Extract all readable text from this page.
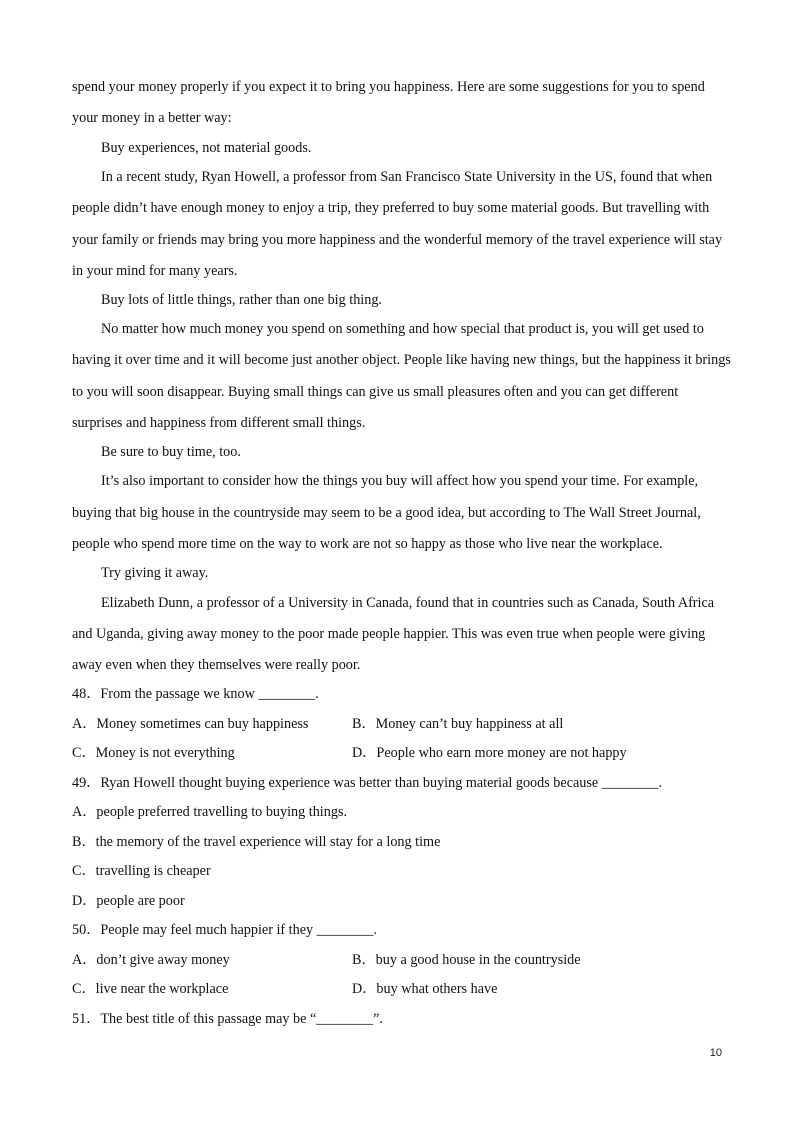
spend your money properly if you expect it to bring you happiness. Here are some suggestions for you to spend
your money in a better way:
Buy experiences, not material goods.
In a recent study, Ryan Howell, a professor from San Francisco State University in the US, found that when
people didn’t have enough money to enjoy a trip, they preferred to buy some material goods. But travelling with
your family or friends may bring you more happiness and the wonderful memory of the travel experience will stay
in your mind for many years.
Buy lots of little things, rather than one big thing.
No matter how much money you spend on something and how special that product is, you will get used to
having it over time and it will become just another object. People like having new things, but the happiness it brings
to you will soon disappear. Buying small things can give us small pleasures often and you can get different
surprises and happiness from different small things.
Be sure to buy time, too.
It’s also important to consider how the things you buy will affect how you spend your time. For example,
buying that big house in the countryside may seem to be a good idea, but according to The Wall Street Journal,
people who spend more time on the way to work are not so happy as those who live near the workplace.
Try giving it away.
Elizabeth Dunn, a professor of a University in Canada, found that in countries such as Canada, South Africa
and Uganda, giving away money to the poor made people happier. This was even true when people were giving
away even when they themselves were really poor.
48．From the passage we know ________.
A．Money sometimes can buy happiness	B．Money can’t buy happiness at all
C．Money is not everything	D．People who earn more money are not happy
49．Ryan Howell thought buying experience was better than buying material goods because ________.
A．people preferred travelling to buying things.
B．the memory of the travel experience will stay for a long time
C．travelling is cheaper
D．people are poor
50．People may feel much happier if they ________.
A．don’t give away money	B．buy a good house in the countryside
C．live near the workplace	D．buy what others have
51．The best title of this passage may be “________”.
10
